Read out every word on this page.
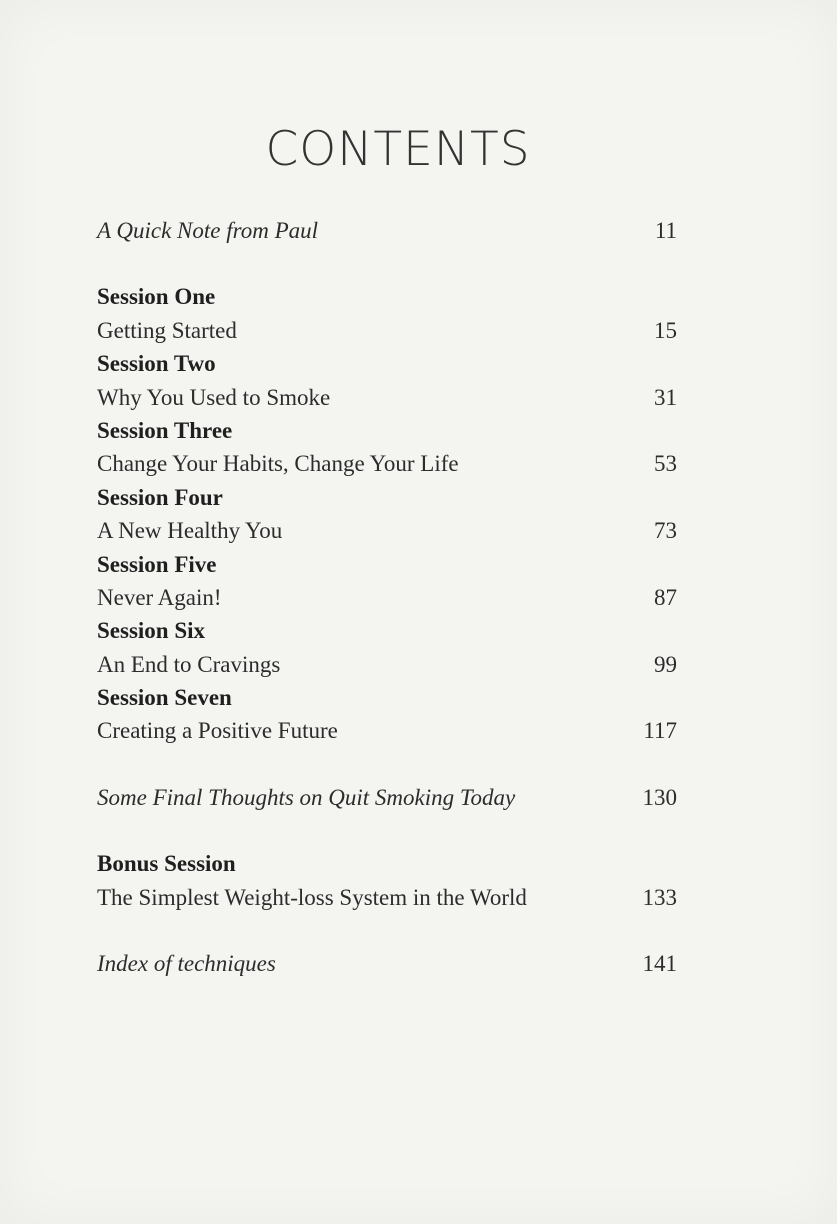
CONTENTS
A Quick Note from Paul	11
Session One
Getting Started	15
Session Two
Why You Used to Smoke	31
Session Three
Change Your Habits, Change Your Life	53
Session Four
A New Healthy You	73
Session Five
Never Again!	87
Session Six
An End to Cravings	99
Session Seven
Creating a Positive Future	117
Some Final Thoughts on Quit Smoking Today	130
Bonus Session
The Simplest Weight-loss System in the World	133
Index of techniques	141
